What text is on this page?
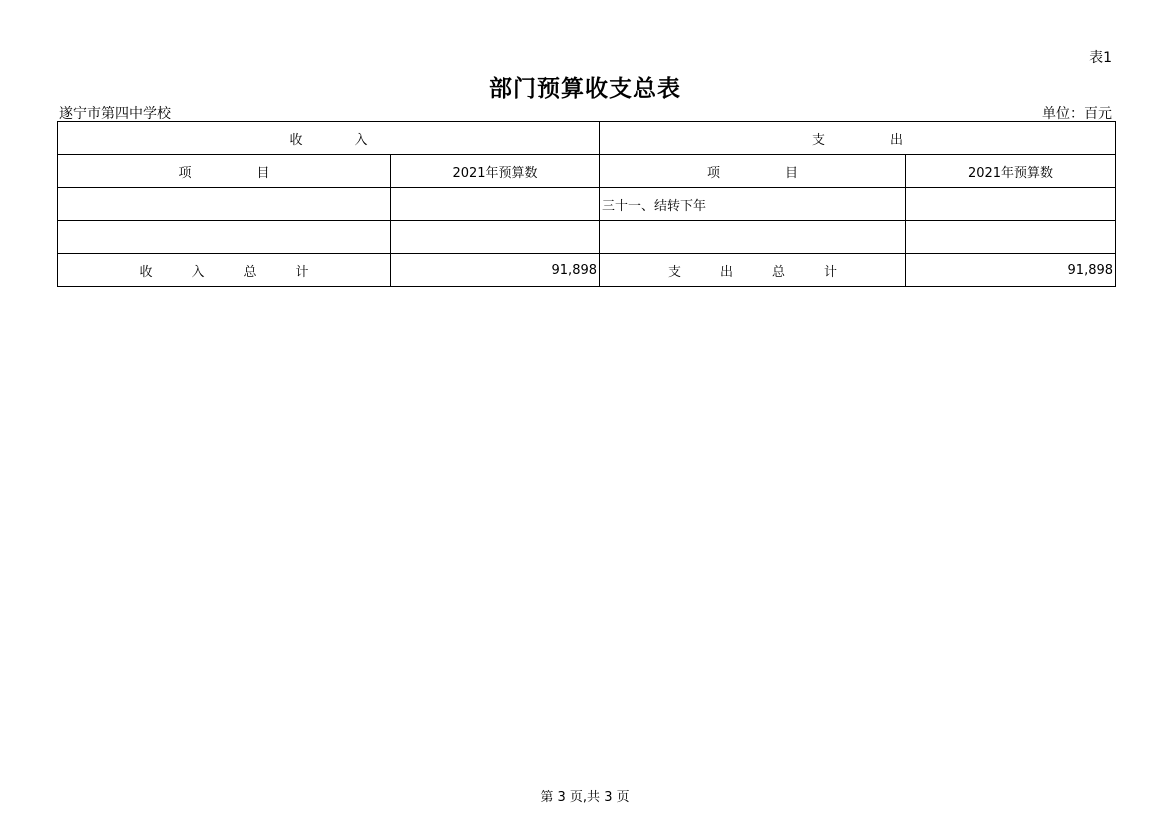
表1
部门预算收支总表
遂宁市第四中学校	单位：百元
收　　　　入		支　　　　　出	
项　　　　　目	2021年预算数	项　　　　　目	2021年预算数
		三十一、结转下年	

收　　　入　　　总　　　计	91,898	支　　　出　　　总　　　计	91,898
第 3 页,共 3 页
